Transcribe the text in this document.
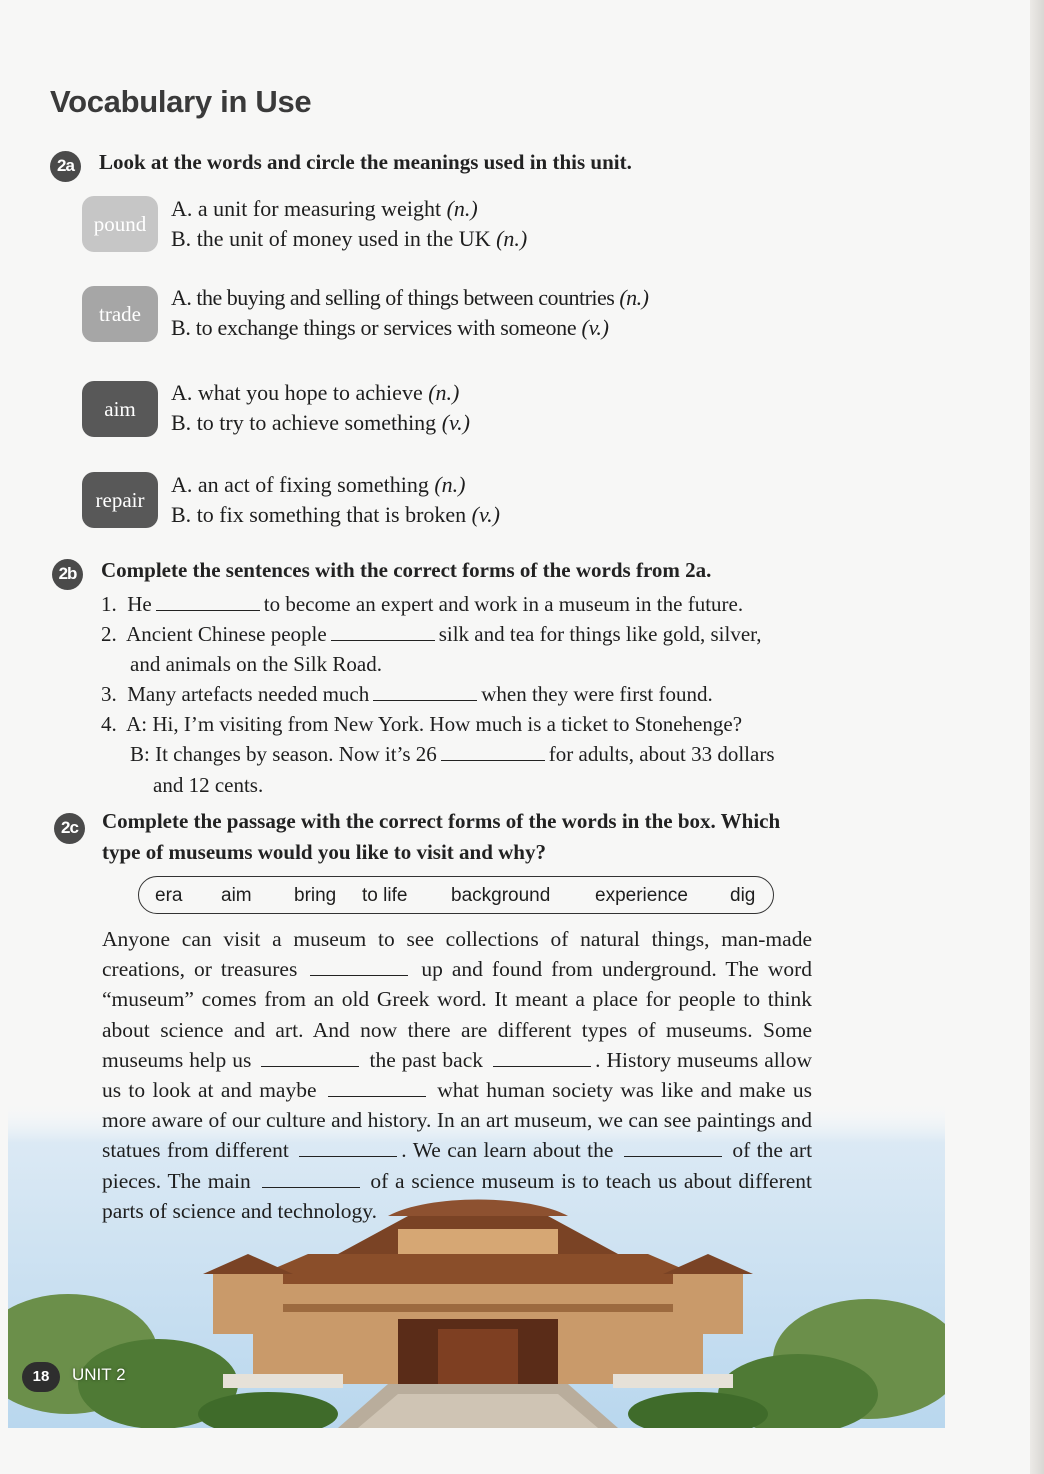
Vocabulary in Use
2a	Look at the words and circle the meanings used in this unit.

pound
A. a unit for measuring weight (n.)
B. the unit of money used in the UK (n.)
trade
A. the buying and selling of things between countries (n.)
B. to exchange things or services with someone (v.)
aim
A. what you hope to achieve (n.)
B. to try to achieve something (v.)
repair
A. an act of fixing something (n.)
B. to fix something that is broken (v.)
2b	Complete the sentences with the correct forms of the words from 2a.

1. He	to become an expert and work in a museum in the future.
2. Ancient Chinese people	silk and tea for things like gold, silver,
and animals on the Silk Road.
3. Many artefacts needed much	when they were first found.
4. A: Hi, I’m visiting from New York. How much is a ticket to Stonehenge?
B: It changes by season. Now it’s 26	for adults, about 33 dollars
and 12 cents.
2c	Complete the passage with the correct forms of the words in the box. Which type of museums would you like to visit and why?

era aim bring to life background experience dig

Anyone can visit a museum to see collections of natural things, man-made creations, or treasures	up and found from underground. The word “museum” comes from an old Greek word. It meant a place for people to think about science and art. And now there are different types of museums. Some museums help us	the past back	. History museums allow us to look at and maybe	what human society was like and make us more aware of our culture and history. In an art museum, we can see paintings and statues from different	. We can learn about the	of the art pieces. The main	of a science museum is to teach us about different parts of science and technology.

18	UNIT 2
